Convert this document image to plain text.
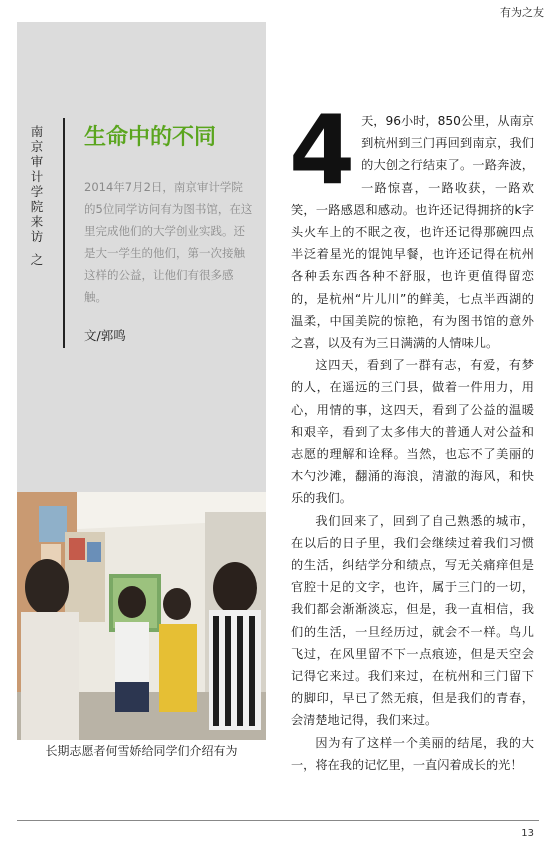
有为之友
南
京
审
计
学
院
来
访
之
生命中的不同

2014年7月2日，南京审计学院的5位同学访问有为图书馆，在这里完成他们的大学创业实践。还是大一学生的他们，第一次接触这样的公益，让他们有很多感触。

文/郭鸣
长期志愿者何雪娇给同学们介绍有为
4 天，96小时，850公里，从南京到杭州到三门再回到南京，我们的大创之行结束了。一路奔波，一路惊喜，一路收获，一路欢笑，一路感恩和感动。也许还记得拥挤的k字头火车上的不眠之夜，也许还记得那碗四点半泛着星光的馄饨早餐，也许还记得在杭州各种丢东西各种不舒服，也许更值得留恋的，是杭州“片儿川”的鲜美，七点半西湖的温柔，中国美院的惊艳，有为图书馆的意外之喜，以及有为三日满满的人情味儿。

这四天，看到了一群有志，有爱，有梦的人，在遥远的三门县，做着一件用力，用心，用情的事，这四天，看到了公益的温暖和艰辛，看到了太多伟大的普通人对公益和志愿的理解和诠释。当然，也忘不了美丽的木勺沙滩，翻涌的海浪，清澈的海风，和快乐的我们。

我们回来了，回到了自己熟悉的城市，在以后的日子里，我们会继续过着我们习惯的生活，纠结学分和绩点，写无关痛痒但是官腔十足的文字，也许，属于三门的一切，我们都会渐渐淡忘，但是，我一直相信，我们的生活，一旦经历过，就会不一样。鸟儿飞过，在风里留不下一点痕迹，但是天空会记得它来过。我们来过，在杭州和三门留下的脚印，早已了然无痕，但是我们的青春，会清楚地记得，我们来过。

因为有了这样一个美丽的结尾，我的大一，将在我的记忆里，一直闪着成长的光！

13
